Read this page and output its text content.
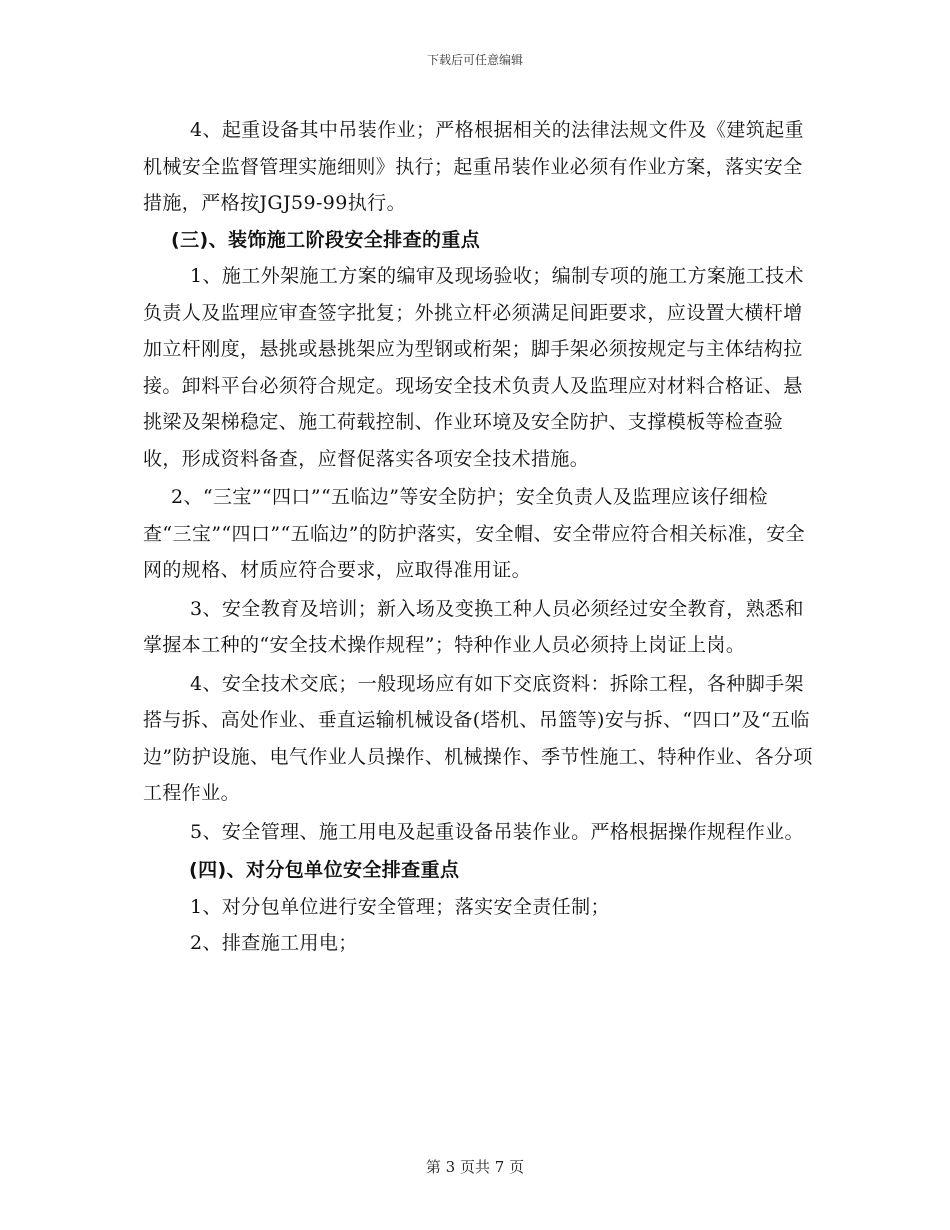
下载后可任意编辑

4、起重设备其中吊装作业；严格根据相关的法律法规文件及《建筑起重机械安全监督管理实施细则》执行；起重吊装作业必须有作业方案，落实安全措施，严格按JGJ59-99执行。

(三)、装饰施工阶段安全排查的重点

1、施工外架施工方案的编审及现场验收；编制专项的施工方案施工技术负责人及监理应审查签字批复；外挑立杆必须满足间距要求，应设置大横杆增加立杆刚度，悬挑或悬挑架应为型钢或桁架；脚手架必须按规定与主体结构拉接。卸料平台必须符合规定。现场安全技术负责人及监理应对材料合格证、悬挑梁及架梯稳定、施工荷载控制、作业环境及安全防护、支撑模板等检查验收，形成资料备查，应督促落实各项安全技术措施。

2、“三宝”“四口”“五临边”等安全防护；安全负责人及监理应该仔细检查“三宝”“四口”“五临边”的防护落实，安全帽、安全带应符合相关标准，安全网的规格、材质应符合要求，应取得准用证。

3、安全教育及培训；新入场及变换工种人员必须经过安全教育，熟悉和掌握本工种的“安全技术操作规程”；特种作业人员必须持上岗证上岗。

4、安全技术交底；一般现场应有如下交底资料：拆除工程，各种脚手架搭与拆、高处作业、垂直运输机械设备(塔机、吊篮等)安与拆、“四口”及“五临边”防护设施、电气作业人员操作、机械操作、季节性施工、特种作业、各分项工程作业。

5、安全管理、施工用电及起重设备吊装作业。严格根据操作规程作业。

(四)、对分包单位安全排查重点

1、对分包单位进行安全管理；落实安全责任制；

2、排查施工用电；

第 3 页共 7 页
